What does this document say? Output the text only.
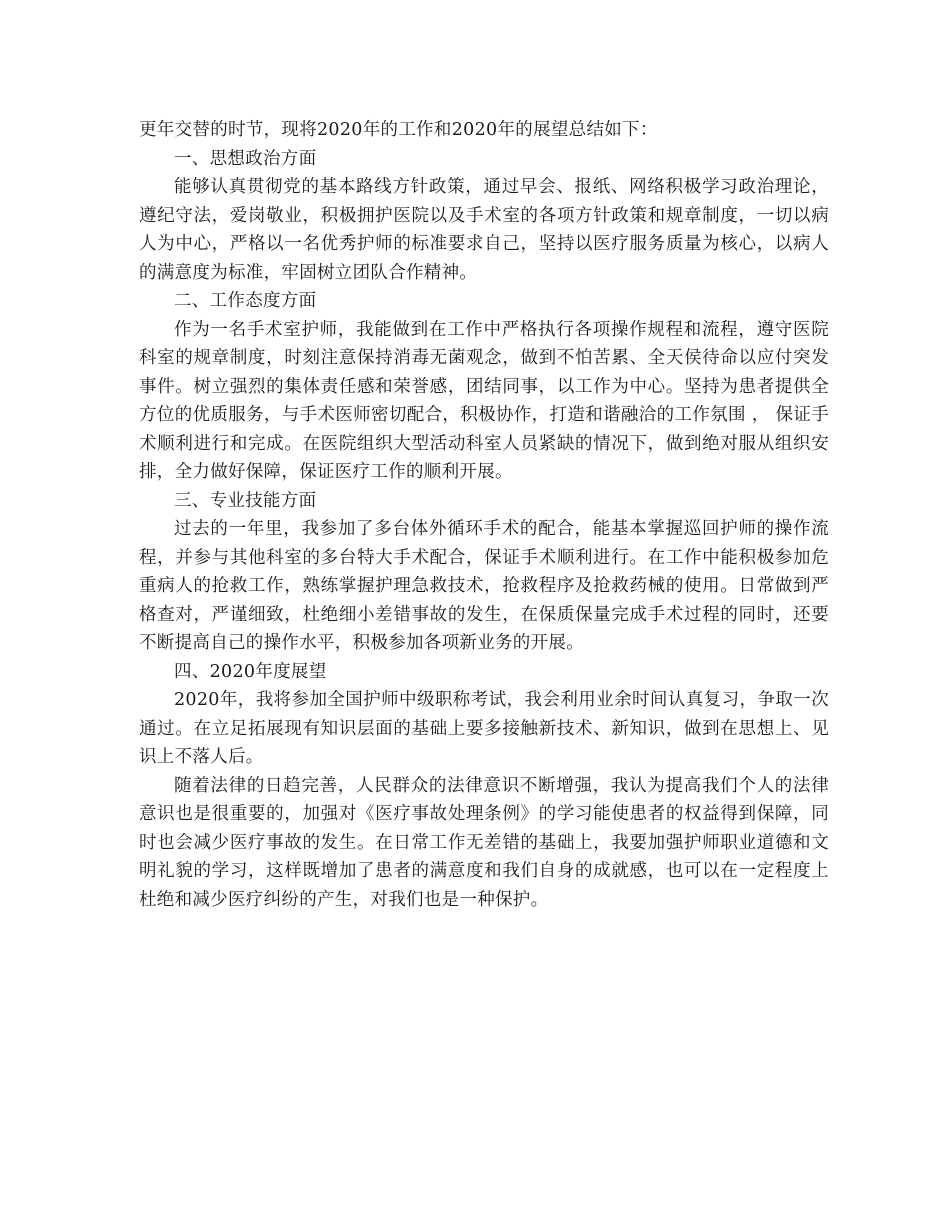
更年交替的时节，现将2020年的工作和2020年的展望总结如下：

一、思想政治方面

能够认真贯彻党的基本路线方针政策，通过早会、报纸、网络积极学习政治理论，遵纪守法，爱岗敬业，积极拥护医院以及手术室的各项方针政策和规章制度，一切以病人为中心，严格以一名优秀护师的标准要求自己，坚持以医疗服务质量为核心，以病人的满意度为标准，牢固树立团队合作精神。

二、工作态度方面

作为一名手术室护师，我能做到在工作中严格执行各项操作规程和流程，遵守医院科室的规章制度，时刻注意保持消毒无菌观念，做到不怕苦累、全天侯待命以应付突发事件。树立强烈的集体责任感和荣誉感，团结同事，以工作为中心。坚持为患者提供全方位的优质服务，与手术医师密切配合，积极协作，打造和谐融洽的工作氛围 ， 保证手术顺利进行和完成。在医院组织大型活动科室人员紧缺的情况下，做到绝对服从组织安排，全力做好保障，保证医疗工作的顺利开展。

三、专业技能方面

过去的一年里，我参加了多台体外循环手术的配合，能基本掌握巡回护师的操作流程，并参与其他科室的多台特大手术配合，保证手术顺利进行。在工作中能积极参加危重病人的抢救工作，熟练掌握护理急救技术，抢救程序及抢救药械的使用。日常做到严格查对，严谨细致，杜绝细小差错事故的发生，在保质保量完成手术过程的同时，还要不断提高自己的操作水平，积极参加各项新业务的开展。

四、2020年度展望

2020年，我将参加全国护师中级职称考试，我会利用业余时间认真复习，争取一次通过。在立足拓展现有知识层面的基础上要多接触新技术、新知识，做到在思想上、见识上不落人后。

随着法律的日趋完善，人民群众的法律意识不断增强，我认为提高我们个人的法律意识也是很重要的，加强对《医疗事故处理条例》的学习能使患者的权益得到保障，同时也会减少医疗事故的发生。在日常工作无差错的基础上，我要加强护师职业道德和文明礼貌的学习，这样既增加了患者的满意度和我们自身的成就感，也可以在一定程度上杜绝和减少医疗纠纷的产生，对我们也是一种保护。
